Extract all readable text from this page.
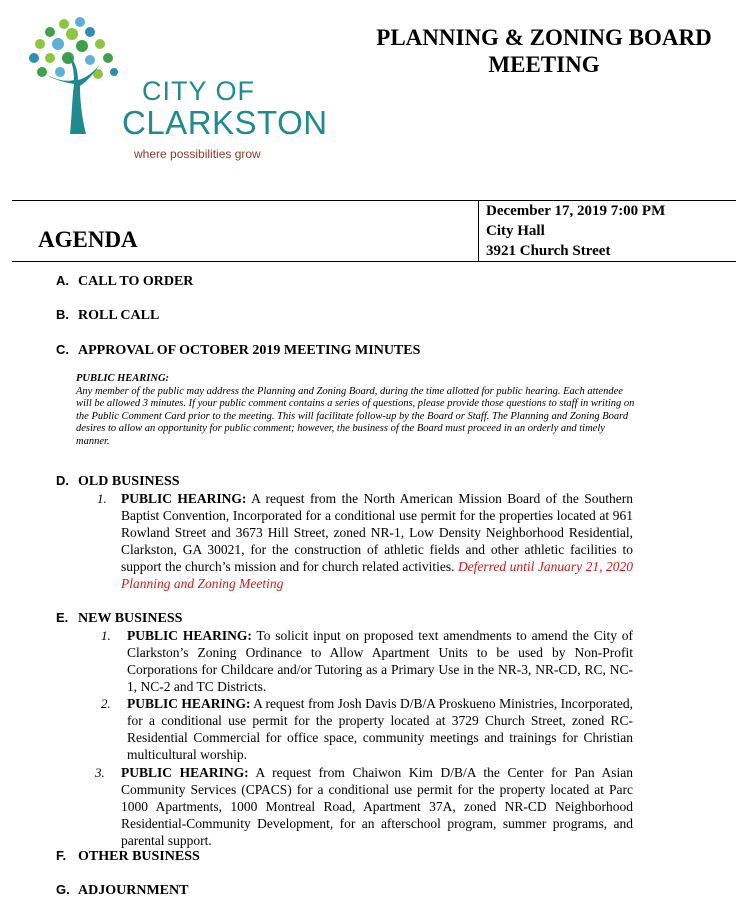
CITY OF
CLARKSTON
where possibilities grow
PLANNING & ZONING BOARD MEETING
AGENDA
December 17, 2019 7:00 PM
City Hall
3921 Church Street
A. CALL TO ORDER
B. ROLL CALL
C. APPROVAL OF OCTOBER 2019 MEETING MINUTES
PUBLIC HEARING:
Any member of the public may address the Planning and Zoning Board, during the time allotted for public hearing. Each attendee will be allowed 3 minutes. If your public comment contains a series of questions, please provide those questions to staff in writing on the Public Comment Card prior to the meeting. This will facilitate follow-up by the Board or Staff. The Planning and Zoning Board desires to allow an opportunity for public comment; however, the business of the Board must proceed in an orderly and timely manner.
D. OLD BUSINESS
1. PUBLIC HEARING: A request from the North American Mission Board of the Southern Baptist Convention, Incorporated for a conditional use permit for the properties located at 961 Rowland Street and 3673 Hill Street, zoned NR-1, Low Density Neighborhood Residential, Clarkston, GA 30021, for the construction of athletic fields and other athletic facilities to support the church’s mission and for church related activities. Deferred until January 21, 2020 Planning and Zoning Meeting
E. NEW BUSINESS
1. PUBLIC HEARING: To solicit input on proposed text amendments to amend the City of Clarkston’s Zoning Ordinance to Allow Apartment Units to be used by Non-Profit Corporations for Childcare and/or Tutoring as a Primary Use in the NR-3, NR-CD, RC, NC-1, NC-2 and TC Districts.
2. PUBLIC HEARING: A request from Josh Davis D/B/A Proskueno Ministries, Incorporated, for a conditional use permit for the property located at 3729 Church Street, zoned RC-Residential Commercial for office space, community meetings and trainings for Christian multicultural worship.
3. PUBLIC HEARING: A request from Chaiwon Kim D/B/A the Center for Pan Asian Community Services (CPACS) for a conditional use permit for the property located at Parc 1000 Apartments, 1000 Montreal Road, Apartment 37A, zoned NR-CD Neighborhood Residential-Community Development, for an afterschool program, summer programs, and parental support.
F. OTHER BUSINESS
G. ADJOURNMENT
